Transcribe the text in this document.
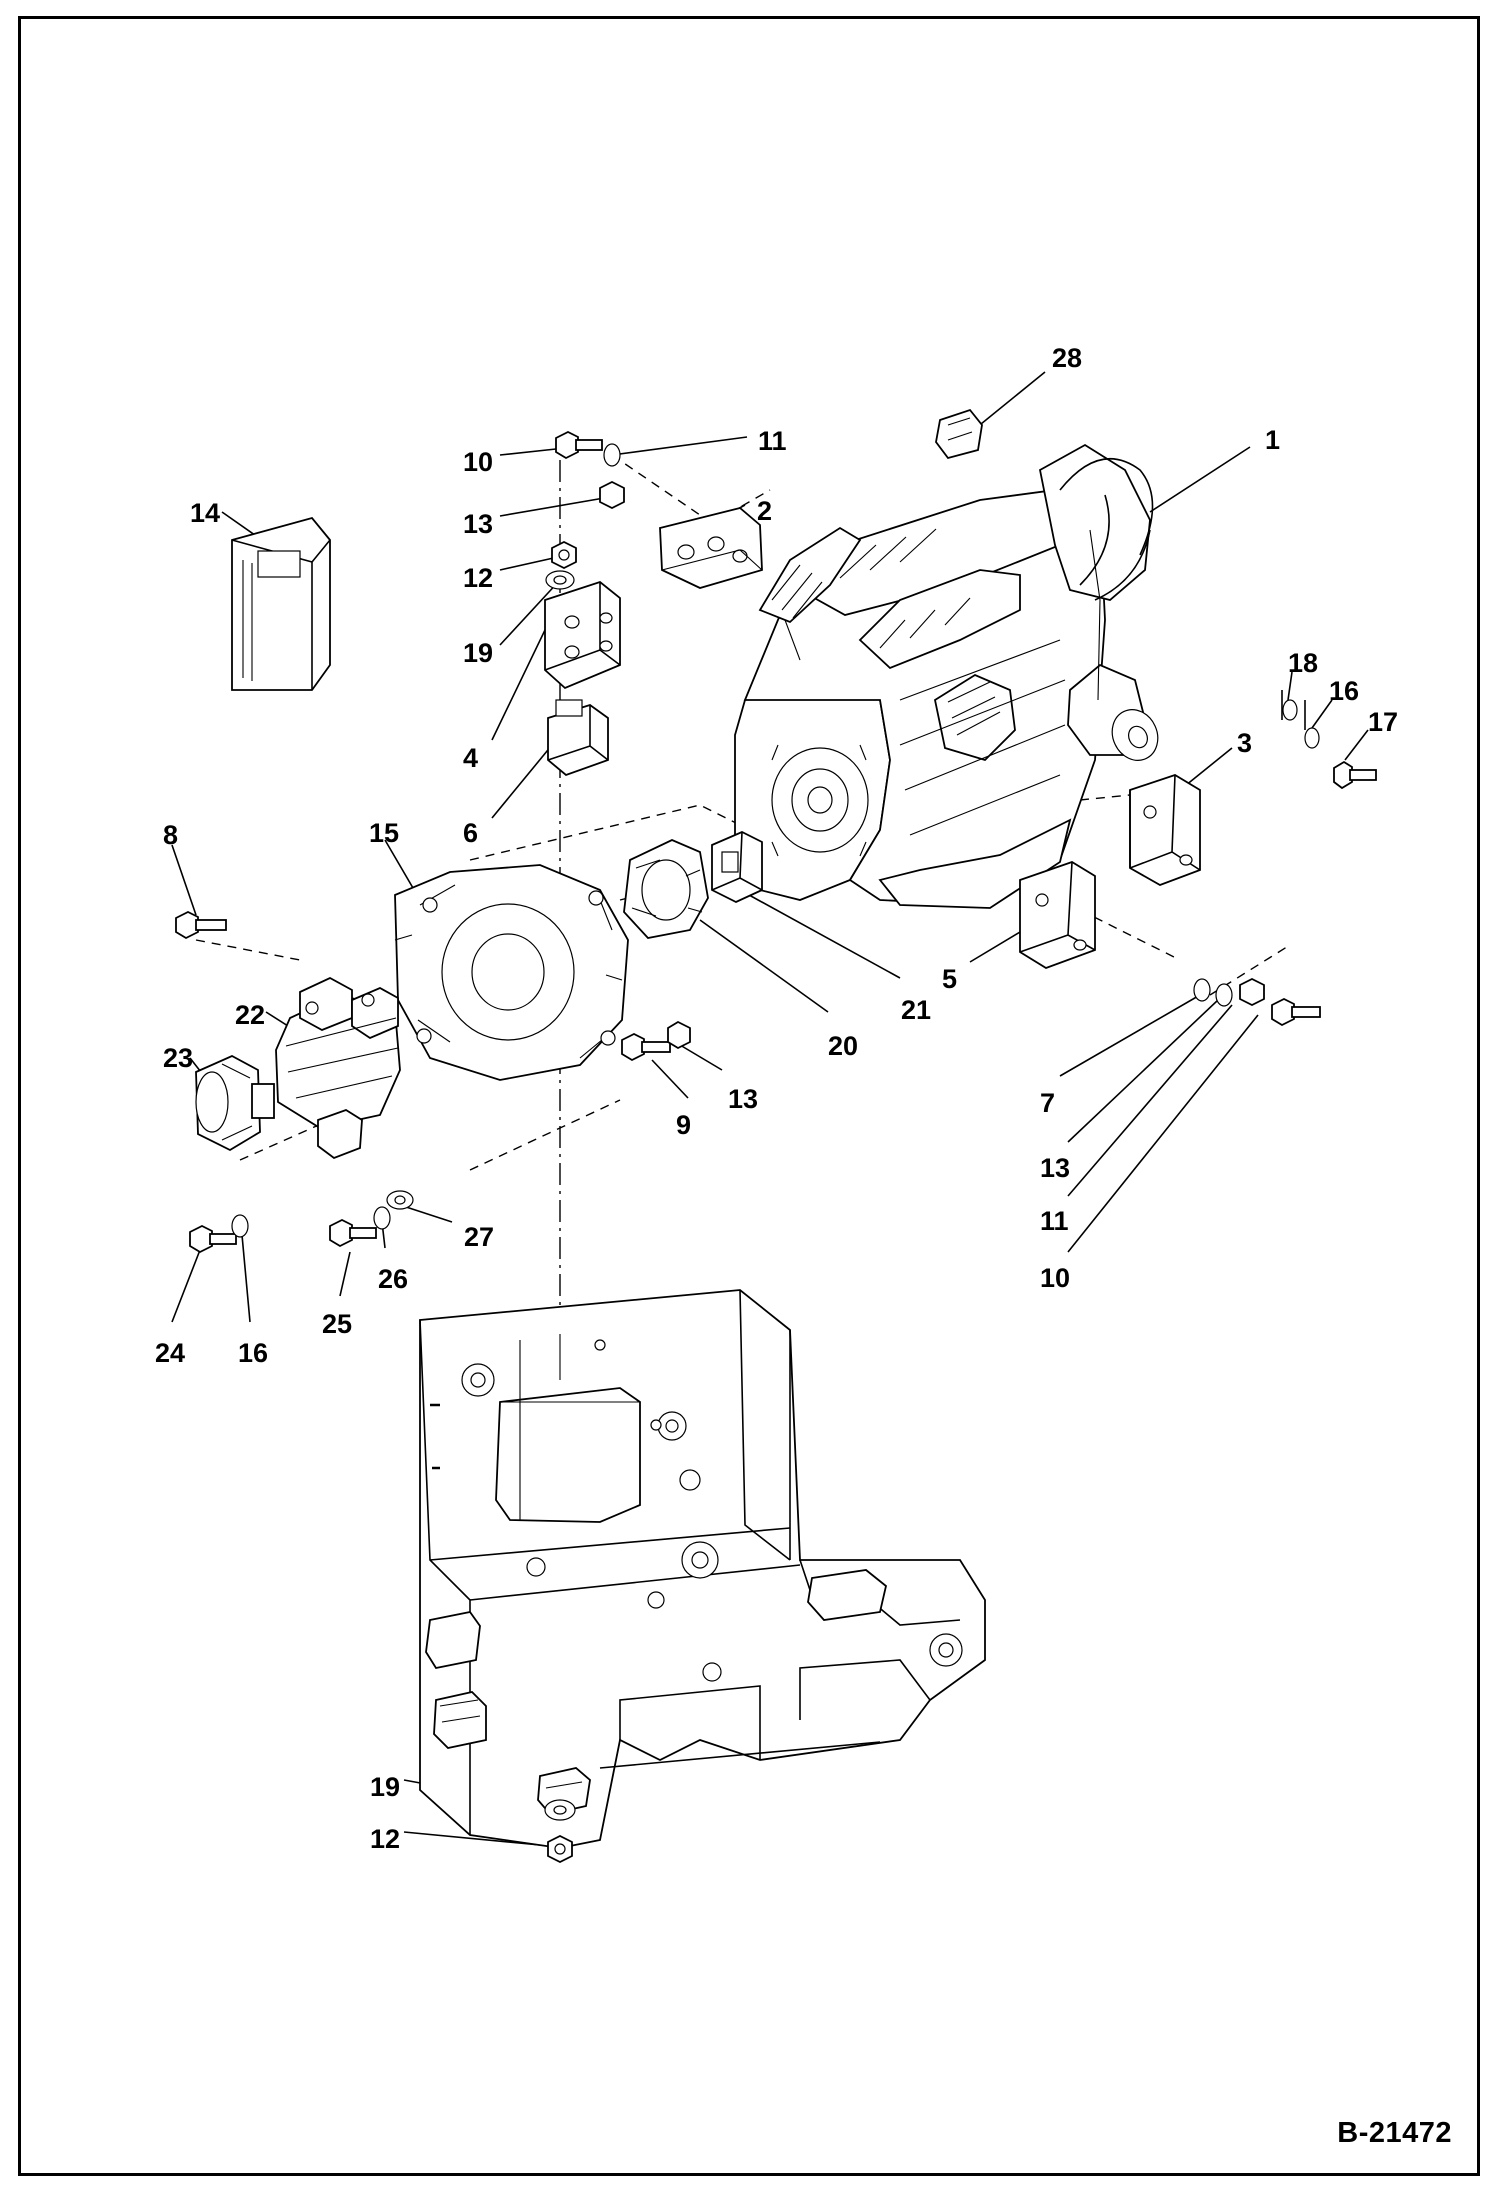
28
1
11
10
14	13	2
12
19	18
16
17
4	3
6
8	15
5
21
20
22
23
13
9
7
13
11
10
27
26
25
24 16
19
12
B-21472
